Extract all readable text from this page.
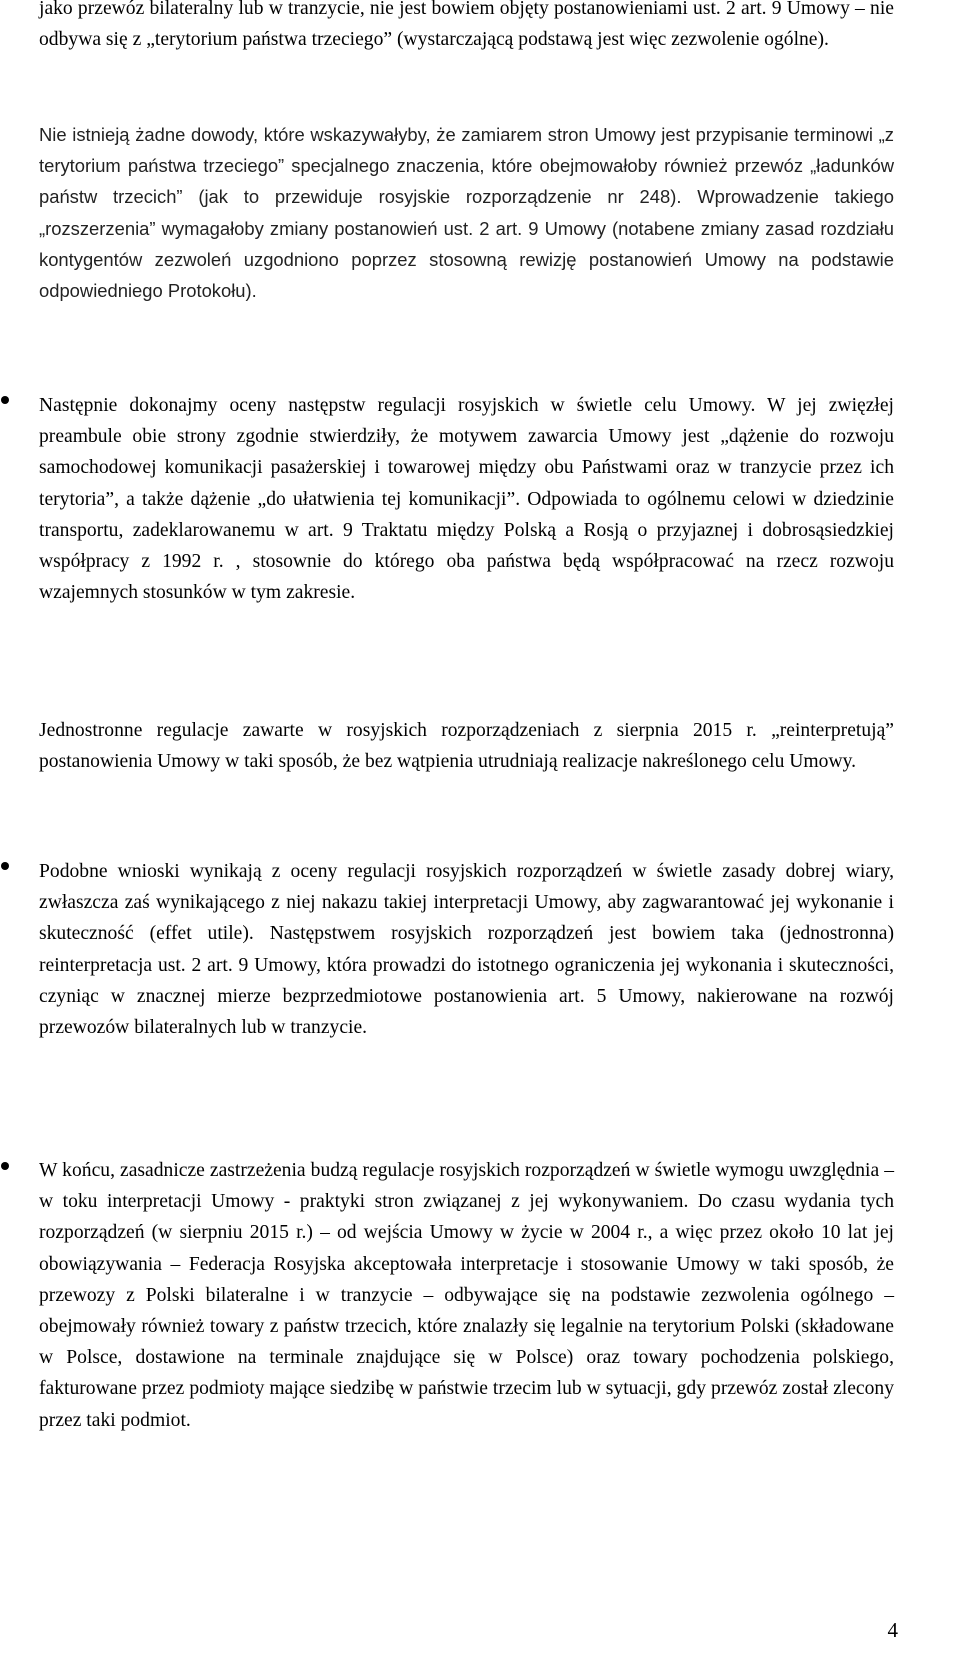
jako przewóz bilateralny lub w tranzycie, nie jest bowiem objęty postanowieniami ust. 2 art. 9 Umowy – nie odbywa się z „terytorium państwa trzeciego” (wystarczającą podstawą jest więc zezwolenie ogólne).

Nie istnieją żadne dowody, które wskazywałyby, że zamiarem stron Umowy jest przypisanie terminowi „z terytorium państwa trzeciego” specjalnego znaczenia, które obejmowałoby również przewóz „ładunków państw trzecich” (jak to przewiduje rosyjskie rozporządzenie nr 248). Wprowadzenie takiego „rozszerzenia” wymagałoby zmiany postanowień ust. 2 art. 9 Umowy (notabene zmiany zasad rozdziału kontygentów zezwoleń uzgodniono poprzez stosowną rewizję postanowień Umowy na podstawie odpowiedniego Protokołu).

Następnie dokonajmy oceny następstw regulacji rosyjskich w świetle celu Umowy. W jej zwięzłej preambule obie strony zgodnie stwierdziły, że motywem zawarcia Umowy jest „dążenie do rozwoju samochodowej komunikacji pasażerskiej i towarowej między obu Państwami oraz w tranzycie przez ich terytoria”, a także dążenie „do ułatwienia tej komunikacji”. Odpowiada to ogólnemu celowi w dziedzinie transportu, zadeklarowanemu w art. 9 Traktatu między Polską a Rosją o przyjaznej i dobrosąsiedzkiej współpracy z 1992 r. , stosownie do którego oba państwa będą współpracować na rzecz rozwoju wzajemnych stosunków w tym zakresie.

Jednostronne regulacje zawarte w rosyjskich rozporządzeniach z sierpnia 2015 r. „reinterpretują” postanowienia Umowy w taki sposób, że bez wątpienia utrudniają realizacje nakreślonego celu Umowy.

Podobne wnioski wynikają z oceny regulacji rosyjskich rozporządzeń w świetle zasady dobrej wiary, zwłaszcza zaś wynikającego z niej nakazu takiej interpretacji Umowy, aby zagwarantować jej wykonanie i skuteczność (effet utile). Następstwem rosyjskich rozporządzeń jest bowiem taka (jednostronna) reinterpretacja ust. 2 art. 9 Umowy, która prowadzi do istotnego ograniczenia jej wykonania i skuteczności, czyniąc w znacznej mierze bezprzedmiotowe postanowienia art. 5 Umowy, nakierowane na rozwój przewozów bilateralnych lub w tranzycie.

W końcu, zasadnicze zastrzeżenia budzą regulacje rosyjskich rozporządzeń w świetle wymogu uwzględnia – w toku interpretacji Umowy - praktyki stron związanej z jej wykonywaniem. Do czasu wydania tych rozporządzeń (w sierpniu 2015 r.) – od wejścia Umowy w życie w 2004 r., a więc przez około 10 lat jej obowiązywania – Federacja Rosyjska akceptowała interpretacje i stosowanie Umowy w taki sposób, że przewozy z Polski bilateralne i w tranzycie – odbywające się na podstawie zezwolenia ogólnego – obejmowały również towary z państw trzecich, które znalazły się legalnie na terytorium Polski (składowane w Polsce, dostawione na terminale znajdujące się w Polsce) oraz towary pochodzenia polskiego, fakturowane przez podmioty mające siedzibę w państwie trzecim lub w sytuacji, gdy przewóz został zlecony przez taki podmiot.

4
